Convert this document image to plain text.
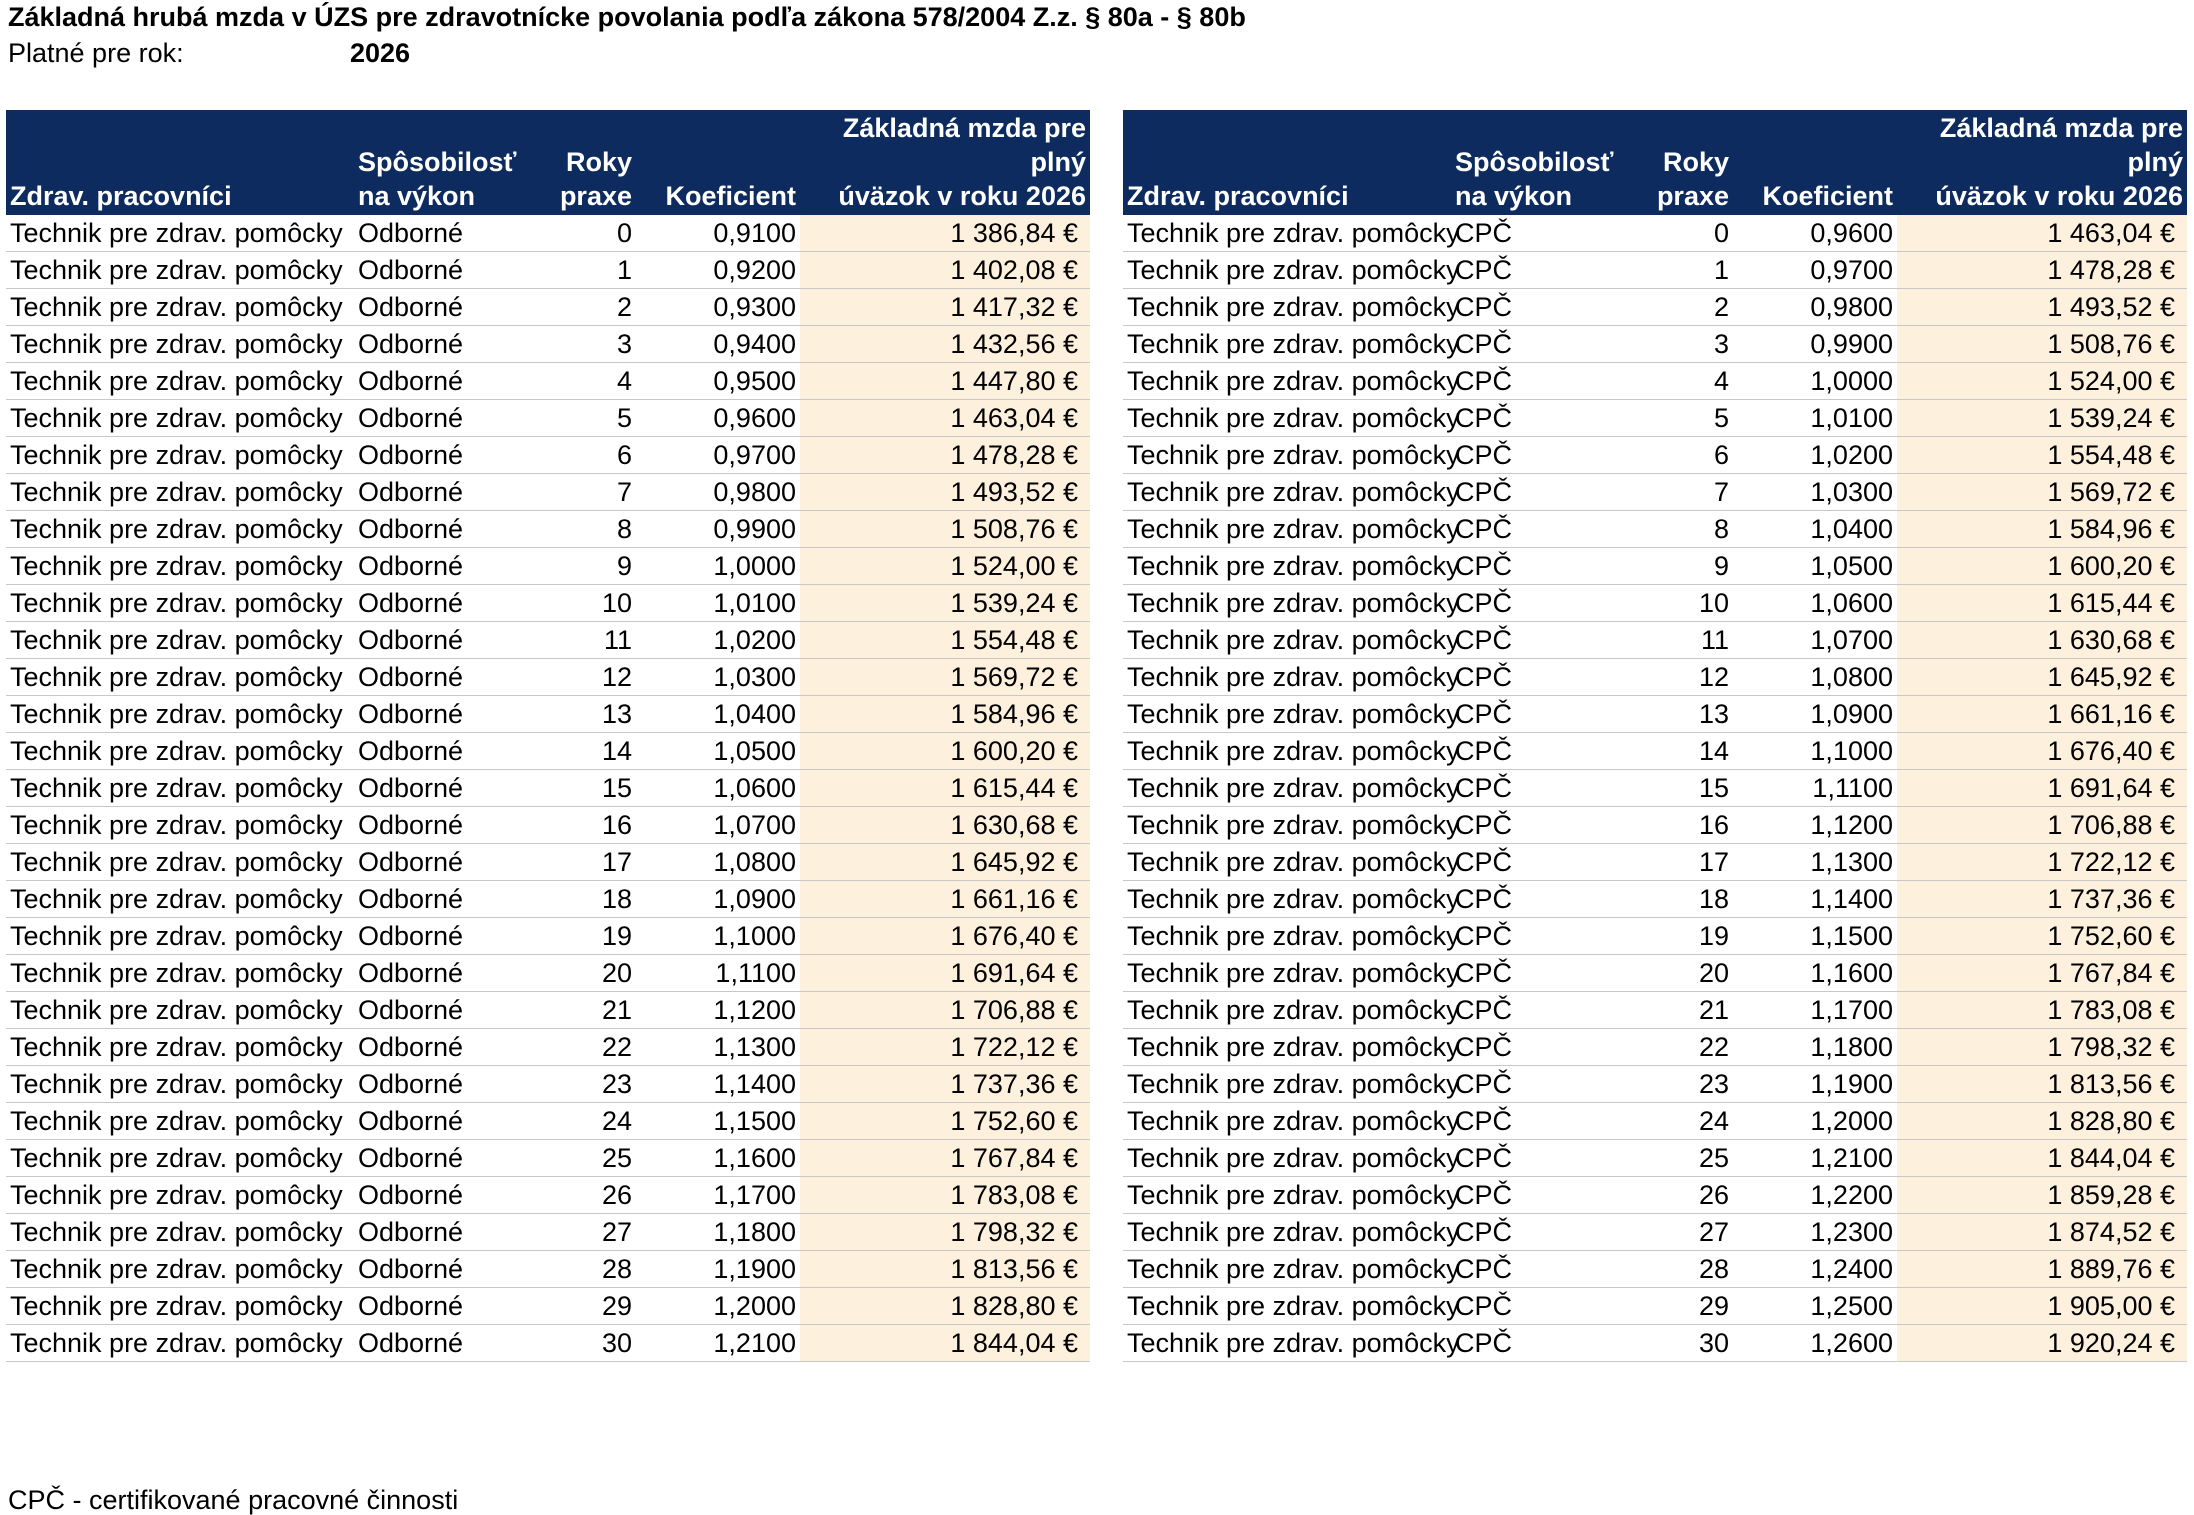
Základná hrubá mzda v ÚZS pre zdravotnícke povolania podľa zákona 578/2004 Z.z. § 80a - § 80b
Platné pre rok:	2026
Zdrav. pracovníci	Spôsobilosť
na výkon	Roky
praxe	Koeficient	Základná mzda pre plný
úväzok v roku 2026
Technik pre zdrav. pomôcky	Odborné	0	0,9100	1 386,84 €
Technik pre zdrav. pomôcky	Odborné	1	0,9200	1 402,08 €
Technik pre zdrav. pomôcky	Odborné	2	0,9300	1 417,32 €
Technik pre zdrav. pomôcky	Odborné	3	0,9400	1 432,56 €
Technik pre zdrav. pomôcky	Odborné	4	0,9500	1 447,80 €
Technik pre zdrav. pomôcky	Odborné	5	0,9600	1 463,04 €
Technik pre zdrav. pomôcky	Odborné	6	0,9700	1 478,28 €
Technik pre zdrav. pomôcky	Odborné	7	0,9800	1 493,52 €
Technik pre zdrav. pomôcky	Odborné	8	0,9900	1 508,76 €
Technik pre zdrav. pomôcky	Odborné	9	1,0000	1 524,00 €
Technik pre zdrav. pomôcky	Odborné	10	1,0100	1 539,24 €
Technik pre zdrav. pomôcky	Odborné	11	1,0200	1 554,48 €
Technik pre zdrav. pomôcky	Odborné	12	1,0300	1 569,72 €
Technik pre zdrav. pomôcky	Odborné	13	1,0400	1 584,96 €
Technik pre zdrav. pomôcky	Odborné	14	1,0500	1 600,20 €
Technik pre zdrav. pomôcky	Odborné	15	1,0600	1 615,44 €
Technik pre zdrav. pomôcky	Odborné	16	1,0700	1 630,68 €
Technik pre zdrav. pomôcky	Odborné	17	1,0800	1 645,92 €
Technik pre zdrav. pomôcky	Odborné	18	1,0900	1 661,16 €
Technik pre zdrav. pomôcky	Odborné	19	1,1000	1 676,40 €
Technik pre zdrav. pomôcky	Odborné	20	1,1100	1 691,64 €
Technik pre zdrav. pomôcky	Odborné	21	1,1200	1 706,88 €
Technik pre zdrav. pomôcky	Odborné	22	1,1300	1 722,12 €
Technik pre zdrav. pomôcky	Odborné	23	1,1400	1 737,36 €
Technik pre zdrav. pomôcky	Odborné	24	1,1500	1 752,60 €
Technik pre zdrav. pomôcky	Odborné	25	1,1600	1 767,84 €
Technik pre zdrav. pomôcky	Odborné	26	1,1700	1 783,08 €
Technik pre zdrav. pomôcky	Odborné	27	1,1800	1 798,32 €
Technik pre zdrav. pomôcky	Odborné	28	1,1900	1 813,56 €
Technik pre zdrav. pomôcky	Odborné	29	1,2000	1 828,80 €
Technik pre zdrav. pomôcky	Odborné	30	1,2100	1 844,04 €
Zdrav. pracovníci	Spôsobilosť
na výkon	Roky
praxe	Koeficient	Základná mzda pre plný
úväzok v roku 2026
Technik pre zdrav. pomôcky	CPČ	0	0,9600	1 463,04 €
Technik pre zdrav. pomôcky	CPČ	1	0,9700	1 478,28 €
Technik pre zdrav. pomôcky	CPČ	2	0,9800	1 493,52 €
Technik pre zdrav. pomôcky	CPČ	3	0,9900	1 508,76 €
Technik pre zdrav. pomôcky	CPČ	4	1,0000	1 524,00 €
Technik pre zdrav. pomôcky	CPČ	5	1,0100	1 539,24 €
Technik pre zdrav. pomôcky	CPČ	6	1,0200	1 554,48 €
Technik pre zdrav. pomôcky	CPČ	7	1,0300	1 569,72 €
Technik pre zdrav. pomôcky	CPČ	8	1,0400	1 584,96 €
Technik pre zdrav. pomôcky	CPČ	9	1,0500	1 600,20 €
Technik pre zdrav. pomôcky	CPČ	10	1,0600	1 615,44 €
Technik pre zdrav. pomôcky	CPČ	11	1,0700	1 630,68 €
Technik pre zdrav. pomôcky	CPČ	12	1,0800	1 645,92 €
Technik pre zdrav. pomôcky	CPČ	13	1,0900	1 661,16 €
Technik pre zdrav. pomôcky	CPČ	14	1,1000	1 676,40 €
Technik pre zdrav. pomôcky	CPČ	15	1,1100	1 691,64 €
Technik pre zdrav. pomôcky	CPČ	16	1,1200	1 706,88 €
Technik pre zdrav. pomôcky	CPČ	17	1,1300	1 722,12 €
Technik pre zdrav. pomôcky	CPČ	18	1,1400	1 737,36 €
Technik pre zdrav. pomôcky	CPČ	19	1,1500	1 752,60 €
Technik pre zdrav. pomôcky	CPČ	20	1,1600	1 767,84 €
Technik pre zdrav. pomôcky	CPČ	21	1,1700	1 783,08 €
Technik pre zdrav. pomôcky	CPČ	22	1,1800	1 798,32 €
Technik pre zdrav. pomôcky	CPČ	23	1,1900	1 813,56 €
Technik pre zdrav. pomôcky	CPČ	24	1,2000	1 828,80 €
Technik pre zdrav. pomôcky	CPČ	25	1,2100	1 844,04 €
Technik pre zdrav. pomôcky	CPČ	26	1,2200	1 859,28 €
Technik pre zdrav. pomôcky	CPČ	27	1,2300	1 874,52 €
Technik pre zdrav. pomôcky	CPČ	28	1,2400	1 889,76 €
Technik pre zdrav. pomôcky	CPČ	29	1,2500	1 905,00 €
Technik pre zdrav. pomôcky	CPČ	30	1,2600	1 920,24 €
CPČ - certifikované pracovné činnosti
